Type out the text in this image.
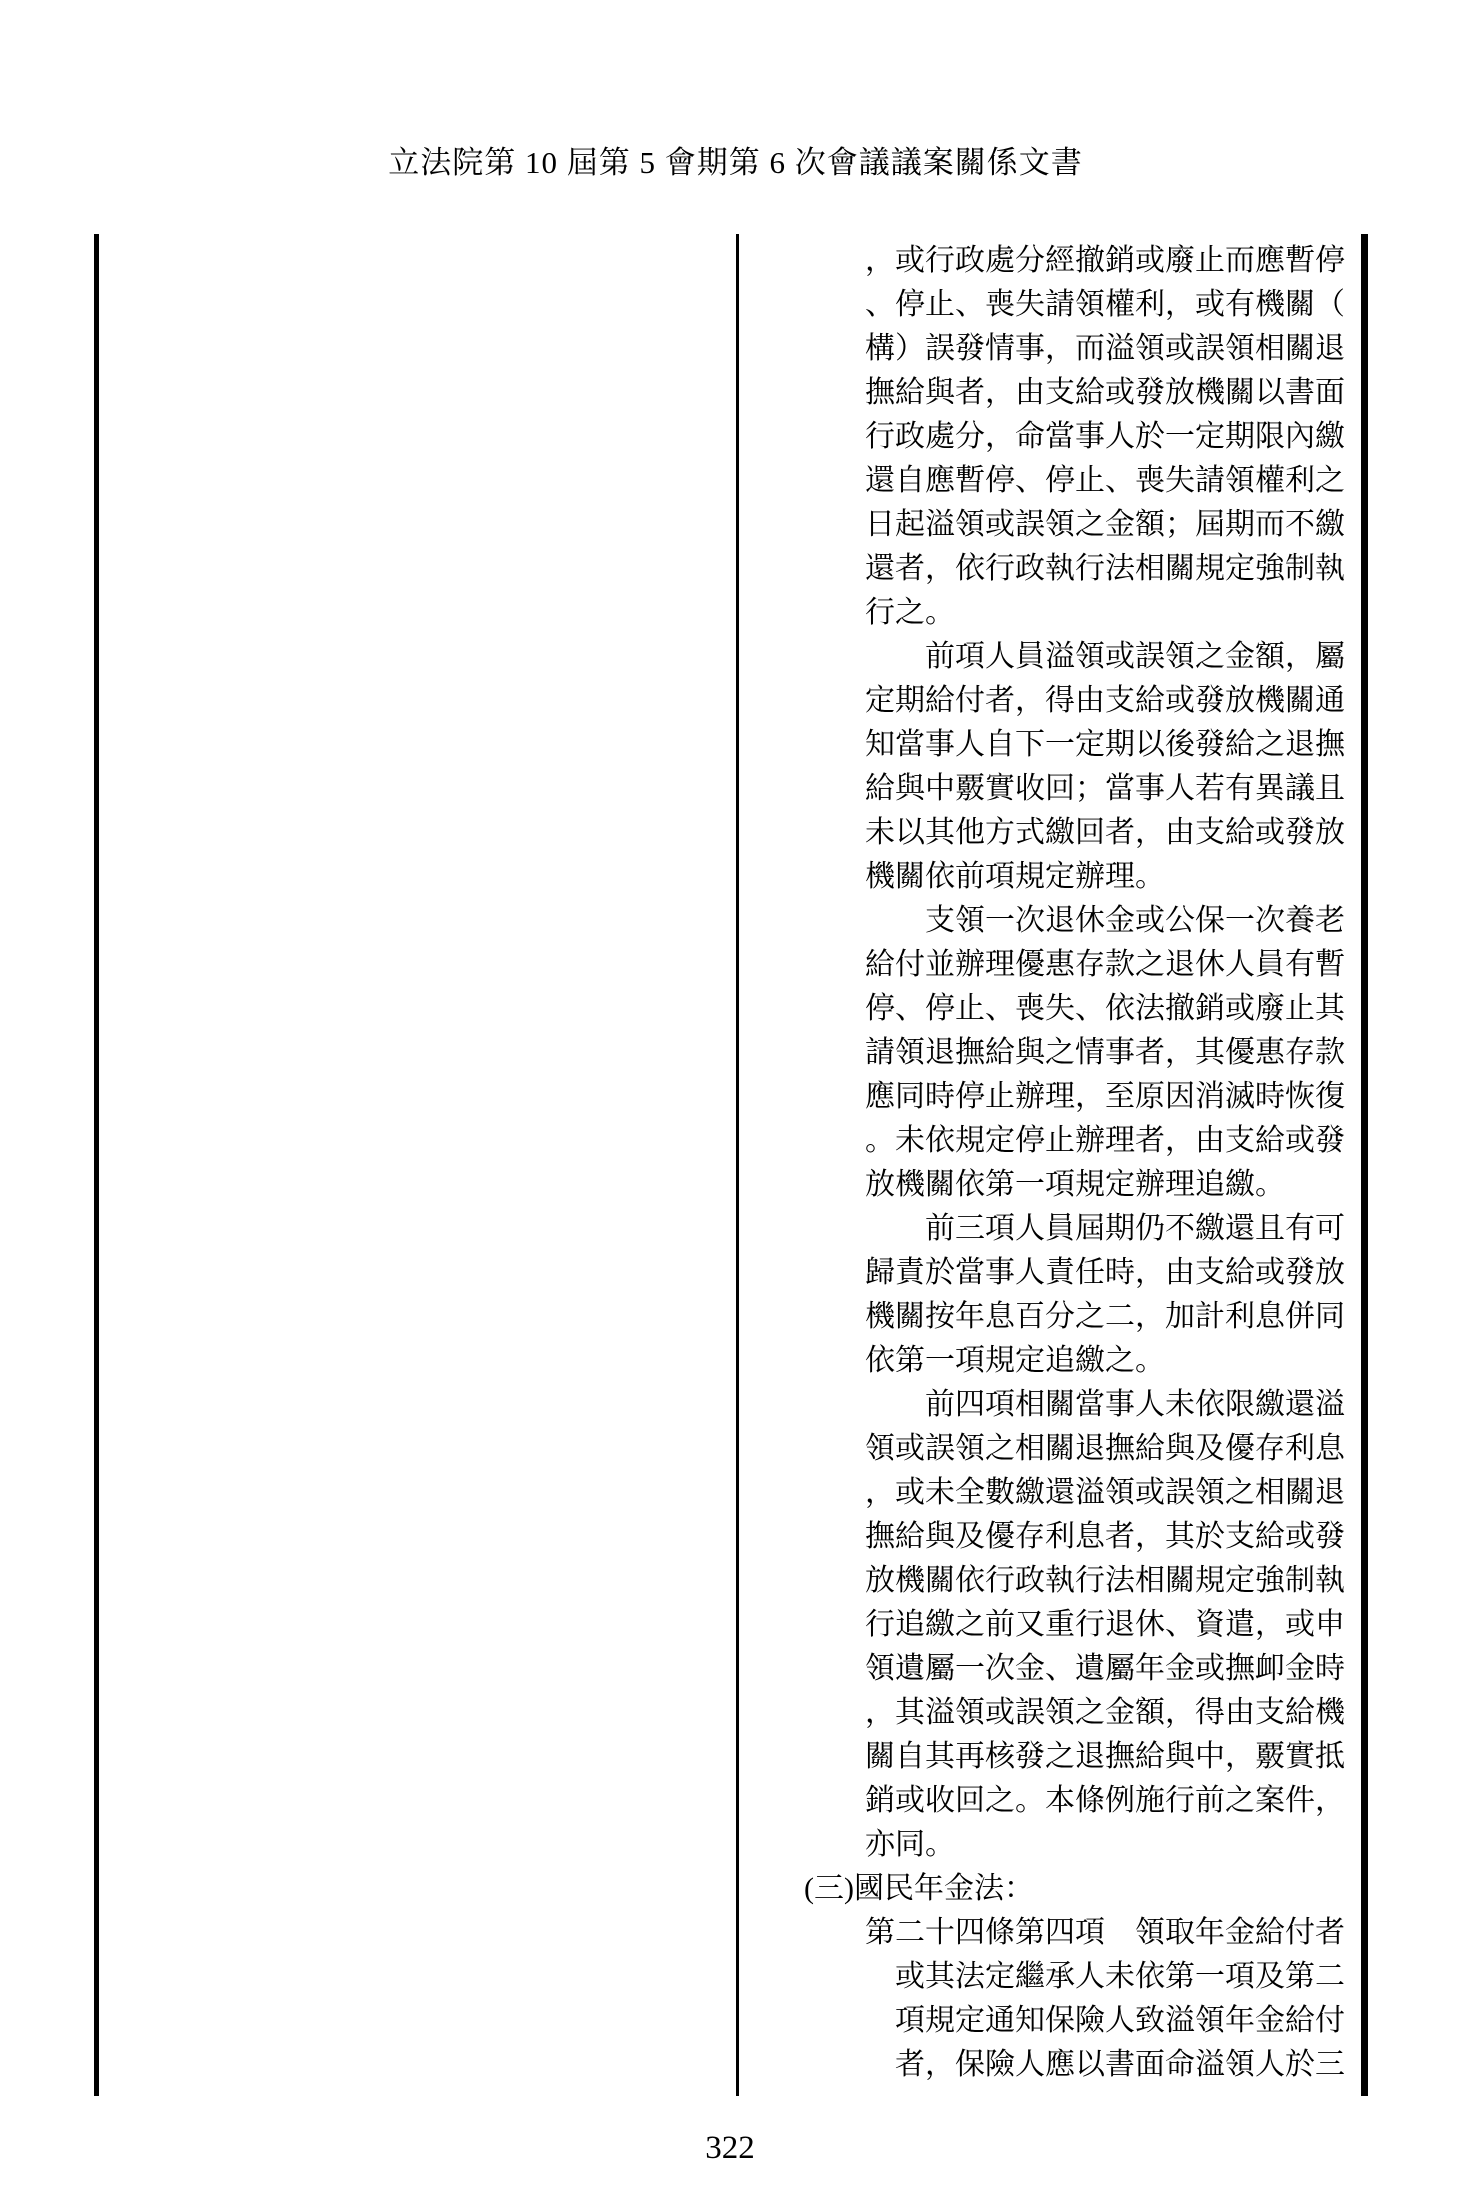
立法院第 10 屆第 5 會期第 6 次會議議案關係文書
，或行政處分經撤銷或廢止而應暫停
、停止、喪失請領權利，或有機關（
構）誤發情事，而溢領或誤領相關退
撫給與者，由支給或發放機關以書面
行政處分，命當事人於一定期限內繳
還自應暫停、停止、喪失請領權利之
日起溢領或誤領之金額；屆期而不繳
還者，依行政執行法相關規定強制執
行之。
前項人員溢領或誤領之金額，屬
定期給付者，得由支給或發放機關通
知當事人自下一定期以後發給之退撫
給與中覈實收回；當事人若有異議且
未以其他方式繳回者，由支給或發放
機關依前項規定辦理。
支領一次退休金或公保一次養老
給付並辦理優惠存款之退休人員有暫
停、停止、喪失、依法撤銷或廢止其
請領退撫給與之情事者，其優惠存款
應同時停止辦理，至原因消滅時恢復
。未依規定停止辦理者，由支給或發
放機關依第一項規定辦理追繳。
前三項人員屆期仍不繳還且有可
歸責於當事人責任時，由支給或發放
機關按年息百分之二，加計利息併同
依第一項規定追繳之。
前四項相關當事人未依限繳還溢
領或誤領之相關退撫給與及優存利息
，或未全數繳還溢領或誤領之相關退
撫給與及優存利息者，其於支給或發
放機關依行政執行法相關規定強制執
行追繳之前又重行退休、資遣，或申
領遺屬一次金、遺屬年金或撫卹金時
，其溢領或誤領之金額，得由支給機
關自其再核發之退撫給與中，覈實抵
銷或收回之。本條例施行前之案件，
亦同。
(三)國民年金法：
第二十四條第四項　領取年金給付者
或其法定繼承人未依第一項及第二
項規定通知保險人致溢領年金給付
者，保險人應以書面命溢領人於三
322
